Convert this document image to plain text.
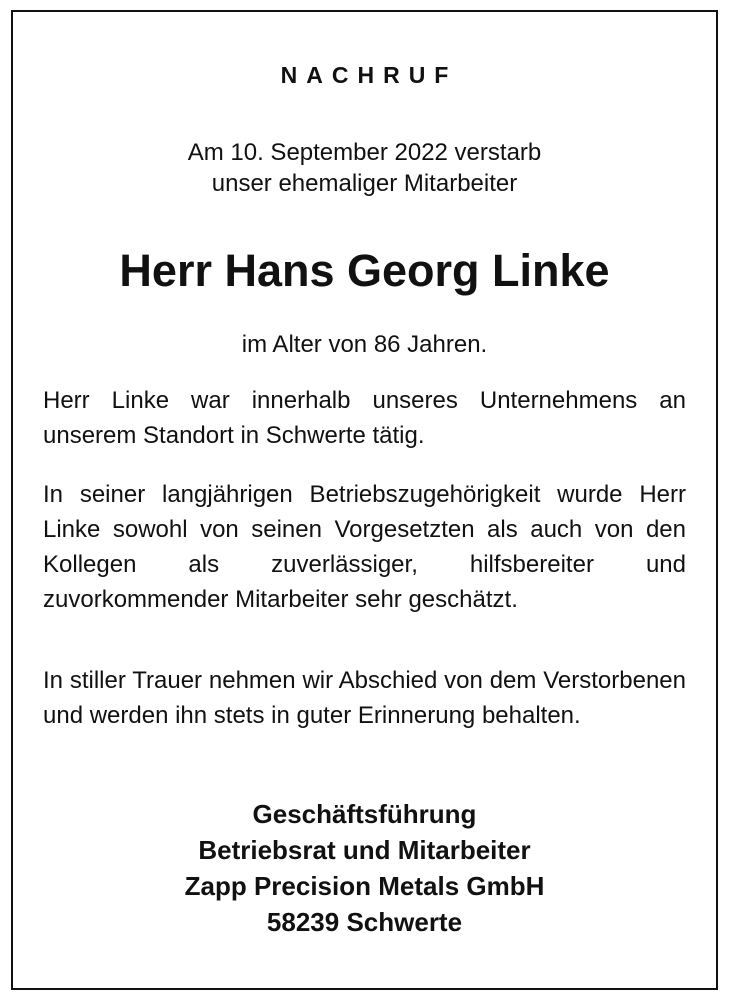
NACHRUF
Am 10. September 2022 verstarb
unser ehemaliger Mitarbeiter
Herr Hans Georg Linke
im Alter von 86 Jahren.
Herr Linke war innerhalb unseres Unternehmens an unserem Standort in Schwerte tätig.
In seiner langjährigen Betriebszugehörigkeit wurde Herr Linke sowohl von seinen Vorgesetzten als auch von den Kollegen als zuverlässiger, hilfsbereiter und zuvorkommender Mitarbeiter sehr geschätzt.
In stiller Trauer nehmen wir Abschied von dem Verstorbenen und werden ihn stets in guter Erinnerung behalten.
Geschäftsführung
Betriebsrat und Mitarbeiter
Zapp Precision Metals GmbH
58239 Schwerte
